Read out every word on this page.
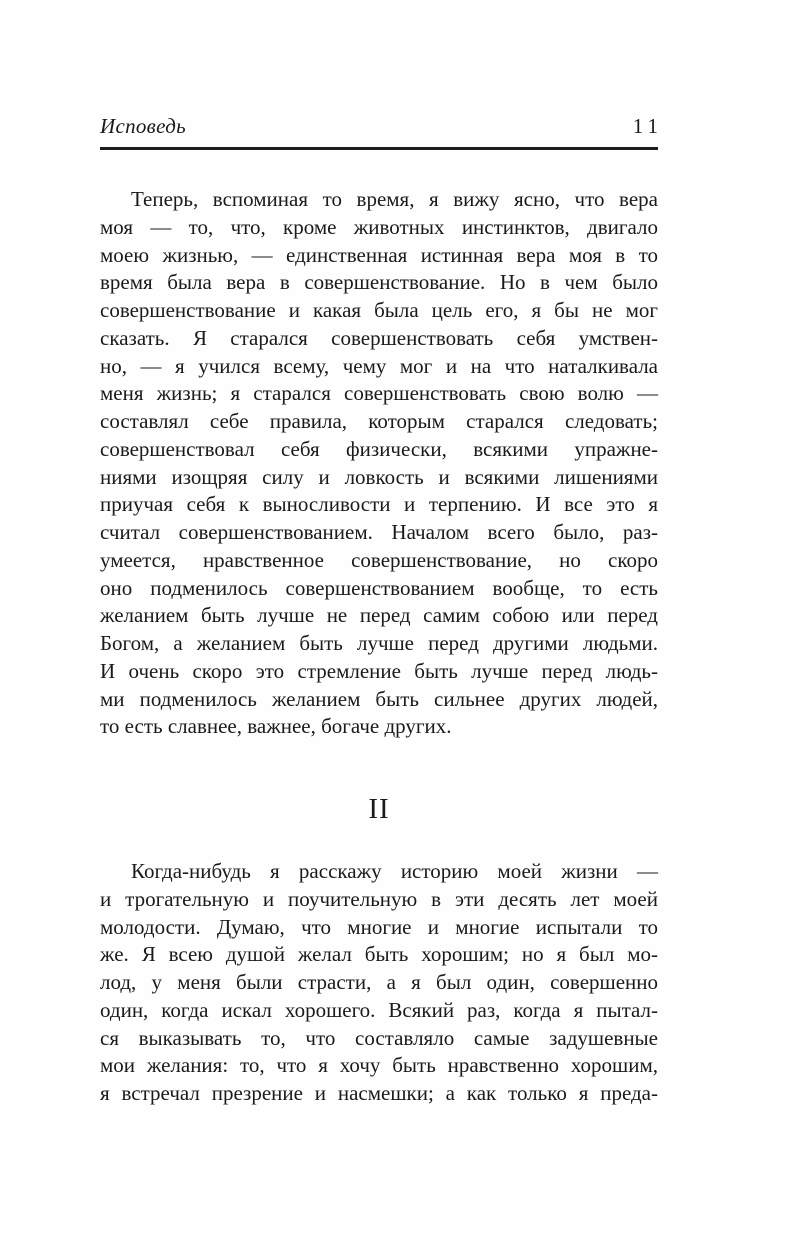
Исповедь	11
Теперь, вспоминая то время, я вижу ясно, что вера
моя — то, что, кроме животных инстинктов, двигало
моею жизнью, — единственная истинная вера моя в то
время была вера в совершенствование. Но в чем было
совершенствование и какая была цель его, я бы не мог
сказать. Я старался совершенствовать себя умствен-
но, — я учился всему, чему мог и на что наталкивала
меня жизнь; я старался совершенствовать свою волю —
составлял себе правила, которым старался следовать;
совершенствовал себя физически, всякими упражне-
ниями изощряя силу и ловкость и всякими лишениями
приучая себя к выносливости и терпению. И все это я
считал совершенствованием. Началом всего было, раз-
умеется, нравственное совершенствование, но скоро
оно подменилось совершенствованием вообще, то есть
желанием быть лучше не перед самим собою или перед
Богом, а желанием быть лучше перед другими людьми.
И очень скоро это стремление быть лучше перед людь-
ми подменилось желанием быть сильнее других людей,
то есть славнее, важнее, богаче других.
II
Когда-нибудь я расскажу историю моей жизни —
и трогательную и поучительную в эти десять лет моей
молодости. Думаю, что многие и многие испытали то
же. Я всею душой желал быть хорошим; но я был мо-
лод, у меня были страсти, а я был один, совершенно
один, когда искал хорошего. Всякий раз, когда я пытал-
ся выказывать то, что составляло самые задушевные
мои желания: то, что я хочу быть нравственно хорошим,
я встречал презрение и насмешки; а как только я преда-
